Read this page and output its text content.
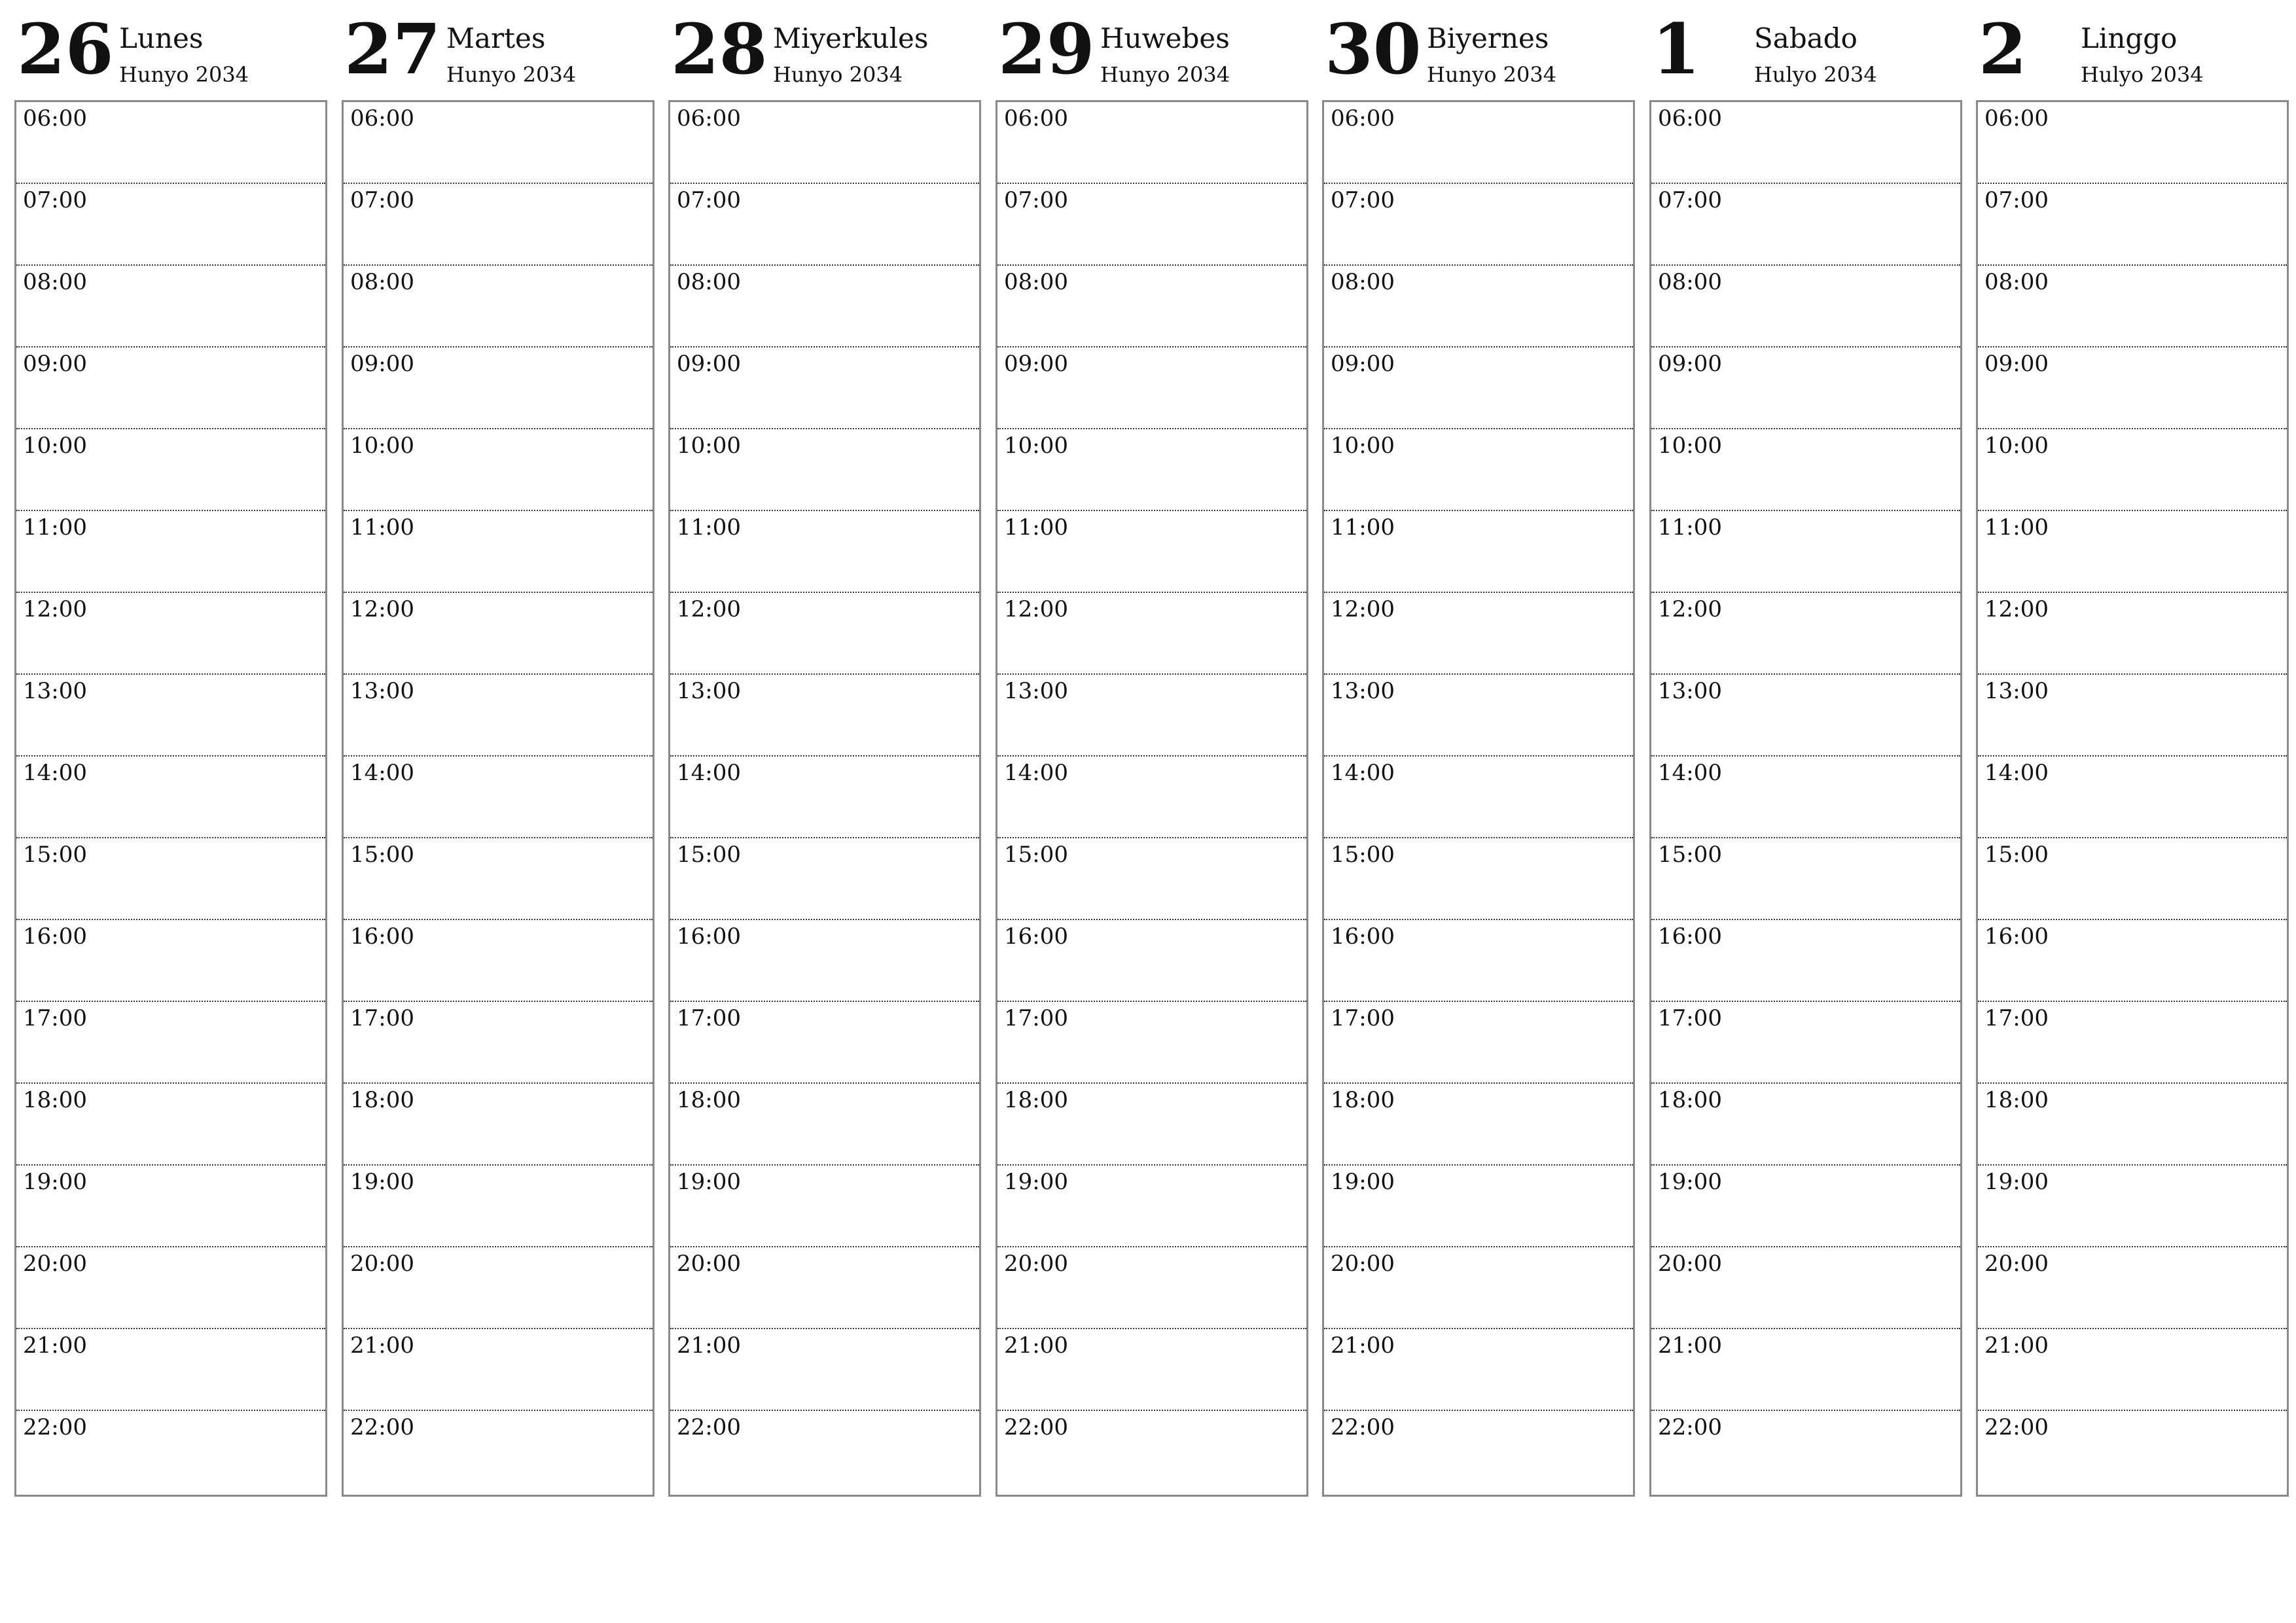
26 Lunes
Hunyo 2034
06:00
07:00
08:00
09:00
10:00
11:00
12:00
13:00
14:00
15:00
16:00
17:00
18:00
19:00
20:00
21:00
22:00
27 Martes
Hunyo 2034
06:00
07:00
08:00
09:00
10:00
11:00
12:00
13:00
14:00
15:00
16:00
17:00
18:00
19:00
20:00
21:00
22:00
28 Miyerkules
Hunyo 2034
06:00
07:00
08:00
09:00
10:00
11:00
12:00
13:00
14:00
15:00
16:00
17:00
18:00
19:00
20:00
21:00
22:00
29 Huwebes
Hunyo 2034
06:00
07:00
08:00
09:00
10:00
11:00
12:00
13:00
14:00
15:00
16:00
17:00
18:00
19:00
20:00
21:00
22:00
30 Biyernes
Hunyo 2034
06:00
07:00
08:00
09:00
10:00
11:00
12:00
13:00
14:00
15:00
16:00
17:00
18:00
19:00
20:00
21:00
22:00
1 Sabado
Hulyo 2034
06:00
07:00
08:00
09:00
10:00
11:00
12:00
13:00
14:00
15:00
16:00
17:00
18:00
19:00
20:00
21:00
22:00
2 Linggo
Hulyo 2034
06:00
07:00
08:00
09:00
10:00
11:00
12:00
13:00
14:00
15:00
16:00
17:00
18:00
19:00
20:00
21:00
22:00
